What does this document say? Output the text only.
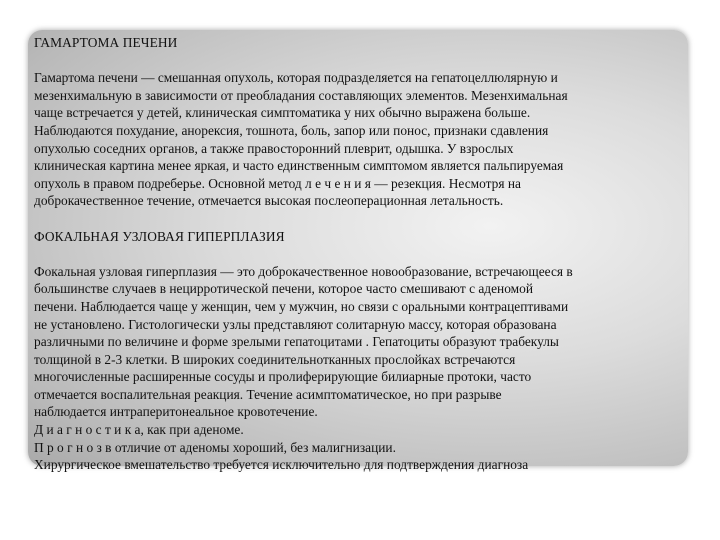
ГАМАРТОМА ПЕЧЕНИ

Гамартома печени — смешанная опухоль, которая подразделяется на гепатоцеллюлярную и
мезенхимальную в зависимости от преобладания составляющих элементов. Мезенхимальная
чаще встречается у детей, клиническая симптоматика у них обычно выражена больше.
Наблюдаются похудание, анорексия, тошнота, боль, запор или понос, признаки сдавления
опухолью соседних органов, а также правосторонний плеврит, одышка. У взрослых
клиническая картина менее яркая, и часто единственным симптомом является пальпируемая
опухоль в правом подреберье. Основной метод л е ч е н и я — резекция. Несмотря на
доброкачественное течение, отмечается высокая послеоперационная летальность.

ФОКАЛЬНАЯ УЗЛОВАЯ ГИПЕРПЛАЗИЯ

Фокальная узловая гиперплазия — это доброкачественное новообразование, встречающееся в
большинстве случаев в нецирротической печени, которое часто смешивают с аденомой
печени. Наблюдается чаще у женщин, чем у мужчин, но связи с оральными контрацептивами
не установлено. Гистологически узлы представляют солитарную массу, которая образована
различными по величине и форме зрелыми гепатоцитами . Гепатоциты образуют трабекулы
толщиной в 2-3 клетки. В широких соединительнотканных прослойках встречаются
многочисленные расширенные сосуды и пролиферирующие билиарные протоки, часто
отмечается воспалительная реакция. Течение асимптоматическое, но при разрыве
наблюдается интраперитонеальное кровотечение.
Д и а г н о с т и к а, как при аденоме.
П р о г н о з в отличие от аденомы хороший, без малигнизации.
Хирургическое вмешательство требуется исключительно для подтверждения диагноза
